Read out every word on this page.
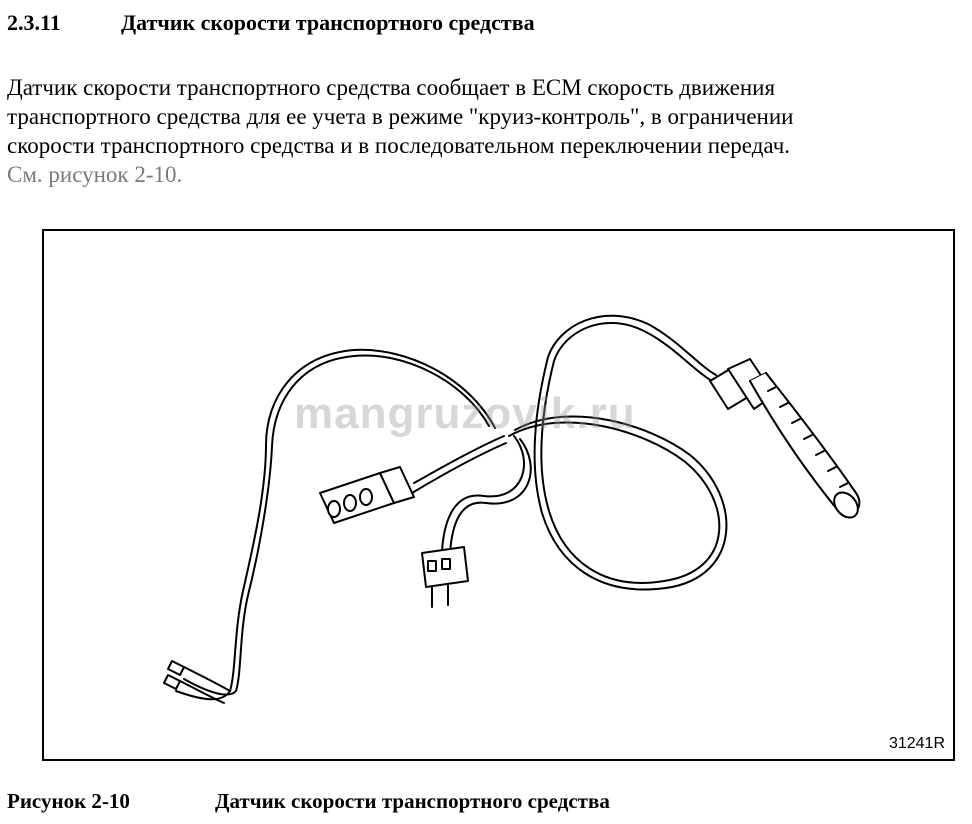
2.3.11	Датчик скорости транспортного средства
Датчик скорости транспортного средства сообщает в ECM скорость движения
транспортного средства для ее учета в режиме "круиз-контроль", в ограничении
скорости транспортного средства и в последовательном переключении передач.
См. рисунок 2-10.
mangruzovik.ru
31241R
Рисунок 2-10	Датчик скорости транспортного средства
